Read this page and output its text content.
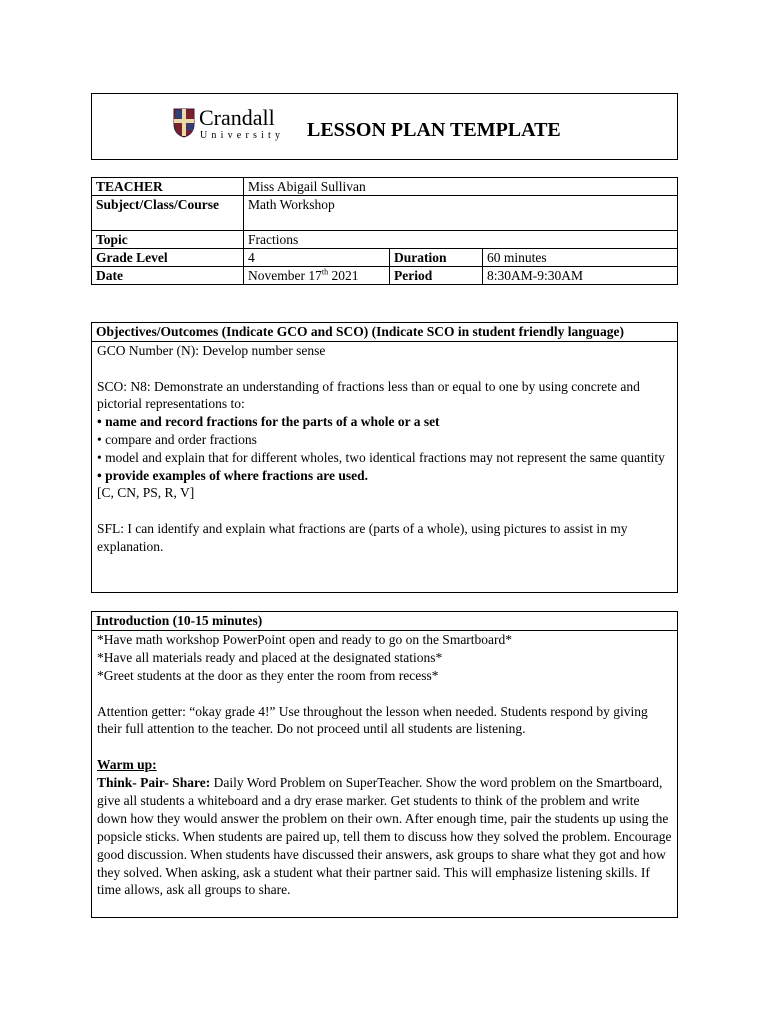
Crandall
University LESSON PLAN TEMPLATE
TEACHER	Miss Abigail Sullivan		
Subject/Class/Course	Math Workshop		
Topic	Fractions		
Grade Level	4	Duration	60 minutes
Date	November 17th 2021	Period	8:30AM-9:30AM
Objectives/Outcomes (Indicate GCO and SCO) (Indicate SCO in student friendly language)

GCO Number (N): Develop number sense

SCO: N8: Demonstrate an understanding of fractions less than or equal to one by using concrete and pictorial representations to:

• name and record fractions for the parts of a whole or a set

• compare and order fractions

• model and explain that for different wholes, two identical fractions may not represent the same quantity

• provide examples of where fractions are used.

[C, CN, PS, R, V]

SFL: I can identify and explain what fractions are (parts of a whole), using pictures to assist in my explanation.

Introduction (10-15 minutes)

*Have math workshop PowerPoint open and ready to go on the Smartboard*

*Have all materials ready and placed at the designated stations*

*Greet students at the door as they enter the room from recess*

Attention getter: “okay grade 4!” Use throughout the lesson when needed. Students respond by giving their full attention to the teacher. Do not proceed until all students are listening.

Warm up:

Think- Pair- Share: Daily Word Problem on SuperTeacher. Show the word problem on the Smartboard, give all students a whiteboard and a dry erase marker. Get students to think of the problem and write down how they would answer the problem on their own. After enough time, pair the students up using the popsicle sticks. When students are paired up, tell them to discuss how they solved the problem. Encourage good discussion. When students have discussed their answers, ask groups to share what they got and how they solved. When asking, ask a student what their partner said. This will emphasize listening skills. If time allows, ask all groups to share.
